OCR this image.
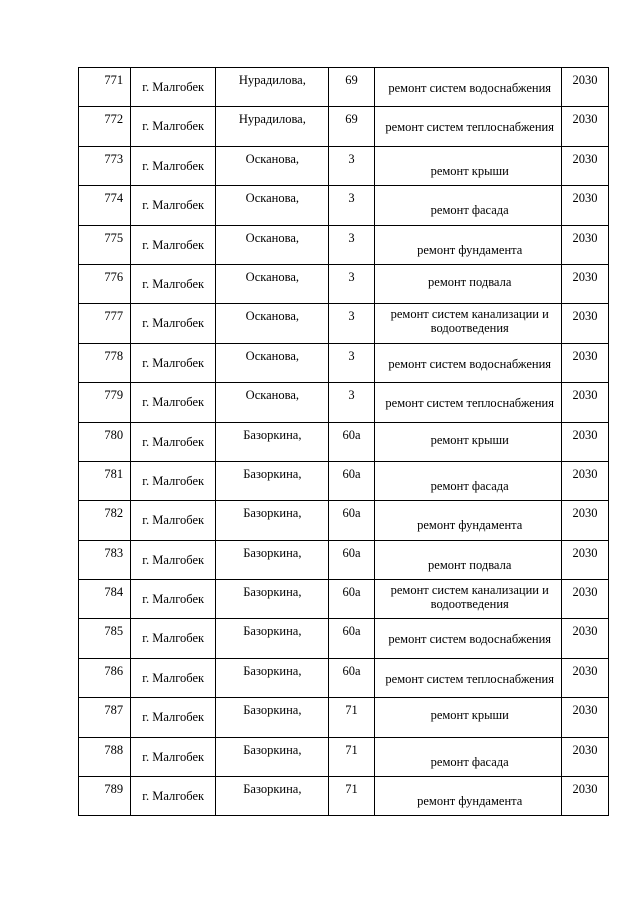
771	г. Малгобек	Нурадилова,	69	ремонт систем водоснабжения	2030

772	г. Малгобек	Нурадилова,	69	ремонт систем теплоснабжения	2030

773	г. Малгобек	Осканова,	3	ремонт крыши	2030

774	г. Малгобек	Осканова,	3	ремонт фасада	2030

775	г. Малгобек	Осканова,	3	ремонт фундамента	2030

776	г. Малгобек	Осканова,	3	ремонт подвала	2030

777	г. Малгобек	Осканова,	3	ремонт систем канализации и водоотведения	2030

778	г. Малгобек	Осканова,	3	ремонт систем водоснабжения	2030

779	г. Малгобек	Осканова,	3	ремонт систем теплоснабжения	2030

780	г. Малгобек	Базоркина,	60а	ремонт крыши	2030

781	г. Малгобек	Базоркина,	60а	ремонт фасада	2030

782	г. Малгобек	Базоркина,	60а	ремонт фундамента	2030

783	г. Малгобек	Базоркина,	60а	ремонт подвала	2030

784	г. Малгобек	Базоркина,	60а	ремонт систем канализации и водоотведения	2030

785	г. Малгобек	Базоркина,	60а	ремонт систем водоснабжения	2030

786	г. Малгобек	Базоркина,	60а	ремонт систем теплоснабжения	2030

787	г. Малгобек	Базоркина,	71	ремонт крыши	2030

788	г. Малгобек	Базоркина,	71	ремонт фасада	2030

789	г. Малгобек	Базоркина,	71	ремонт фундамента	2030
